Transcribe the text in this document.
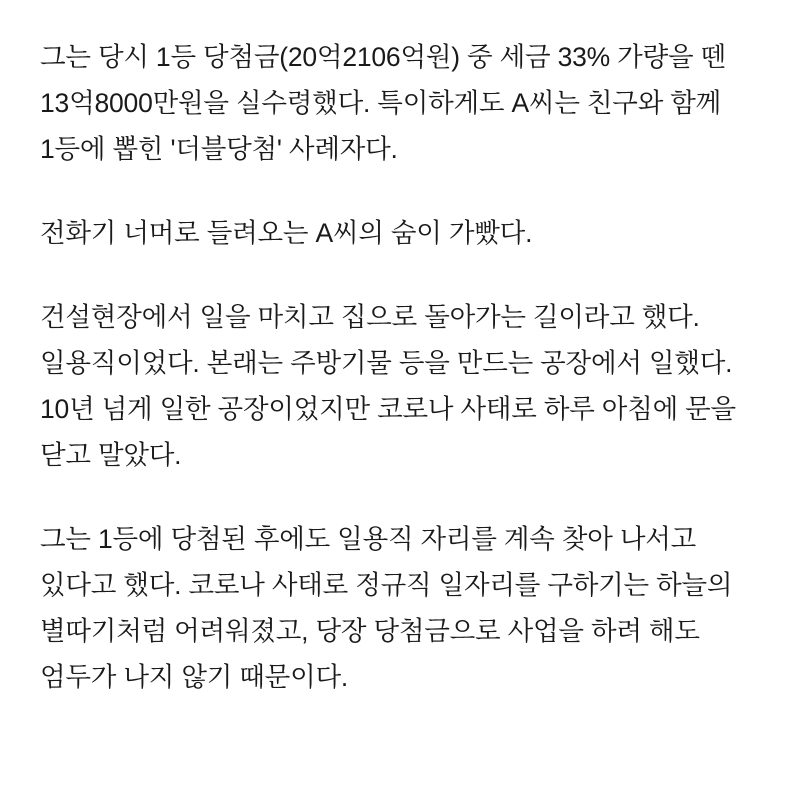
그는 당시 1등 당첨금(20억2106억원) 중 세금 33% 가량을 뗀 13억8000만원을 실수령했다. 특이하게도 A씨는 친구와 함께 1등에 뽑힌 '더블당첨' 사례자다.

전화기 너머로 들려오는 A씨의 숨이 가빴다.

건설현장에서 일을 마치고 집으로 돌아가는 길이라고 했다. 일용직이었다. 본래는 주방기물 등을 만드는 공장에서 일했다. 10년 넘게 일한 공장이었지만 코로나 사태로 하루 아침에 문을 닫고 말았다.

그는 1등에 당첨된 후에도 일용직 자리를 계속 찾아 나서고 있다고 했다. 코로나 사태로 정규직 일자리를 구하기는 하늘의 별따기처럼 어려워졌고, 당장 당첨금으로 사업을 하려 해도 엄두가 나지 않기 때문이다.
